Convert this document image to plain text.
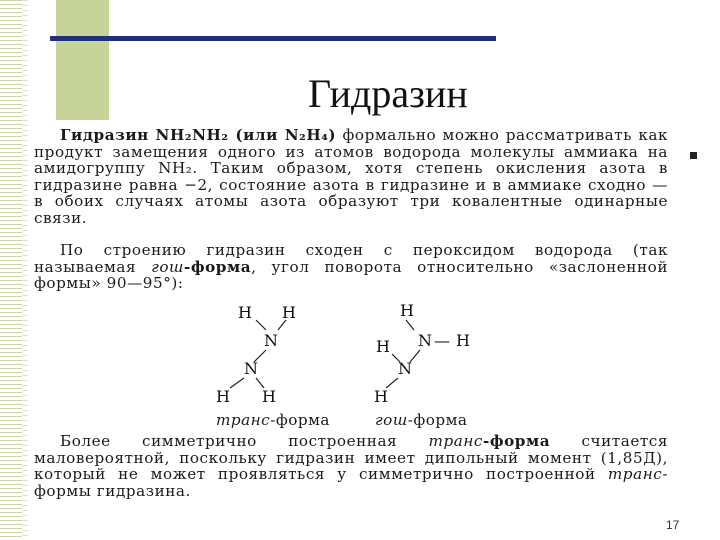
Гидразин
Гидразин NH₂NH₂ (или N₂H₄) формально можно рассматривать как продукт замещения одного из атомов водорода молекулы аммиака на амидогруппу NH₂. Таким образом, хотя степень окисления азота в гидразине равна −2, состояние азота в гидразине и в аммиаке сходно — в обоих случаях атомы азота образуют три ковалентные одинарные связи.
По строению гидразин сходен с пероксидом водорода (так называемая гош-форма, угол поворота относительно «заслоненной формы» 90—95°):
H H
N
N
H H
H
N — H
H
N
H
транс-форма	гош-форма
Более симметрично построенная транс-форма считается маловероятной, поскольку гидразин имеет дипольный момент (1,85Д), который не может проявляться у симметрично построенной транс-формы гидразина.
17
